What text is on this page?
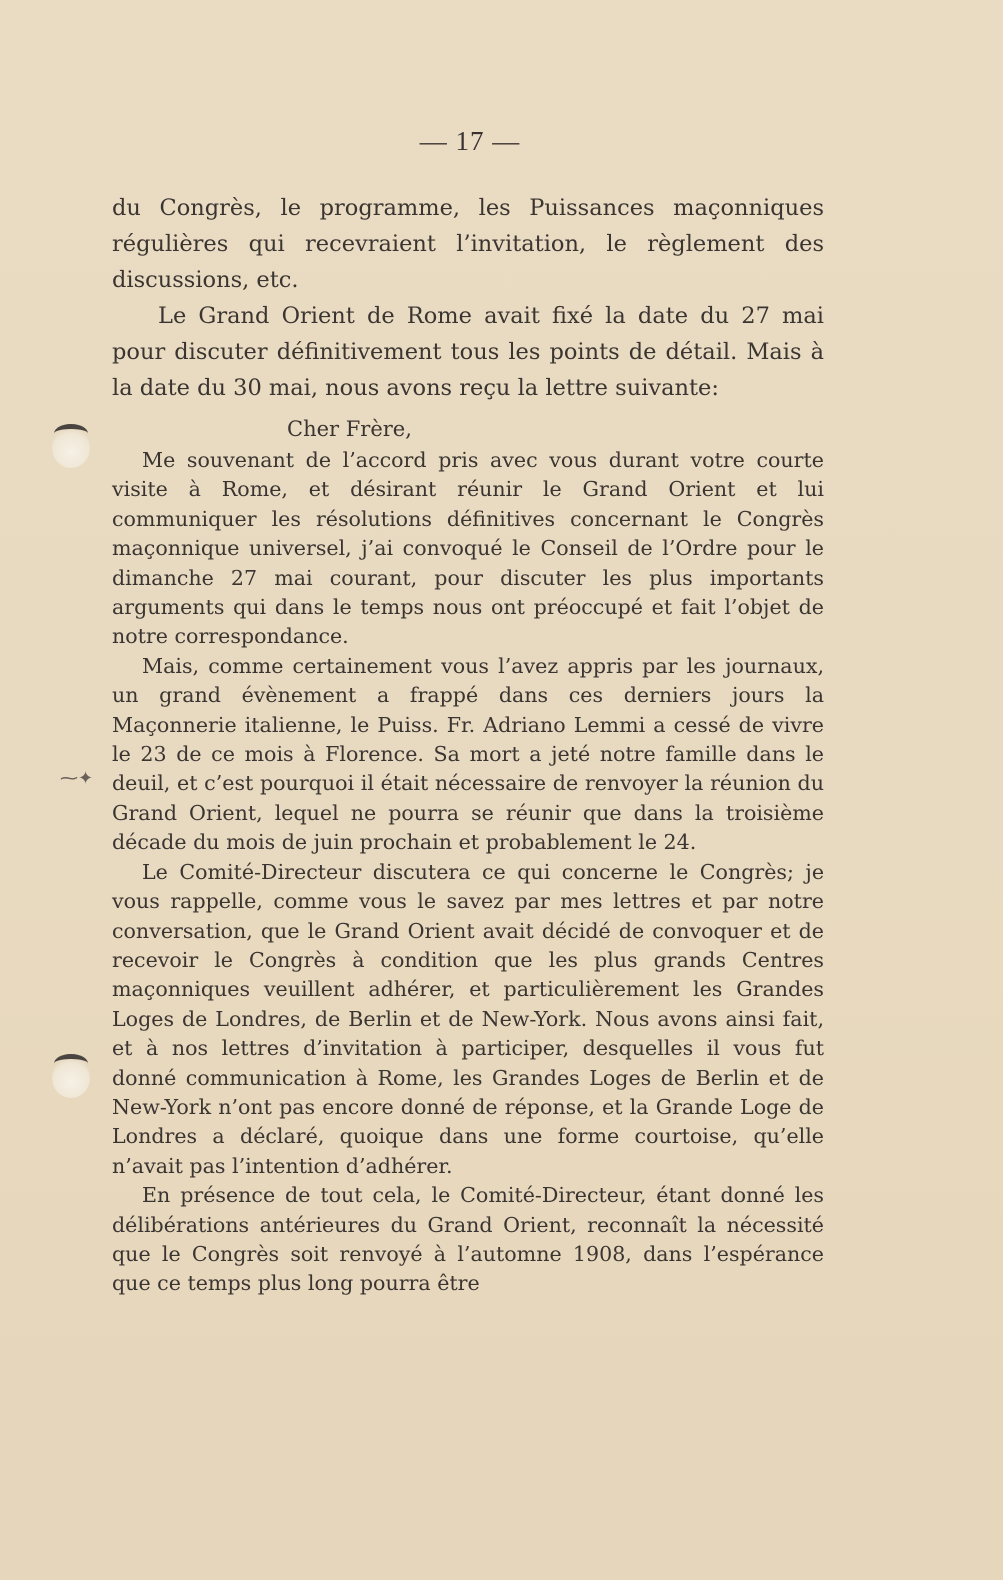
⁓✦
— 17 —

du Congrès, le programme, les Puissances maçonniques régulières qui recevraient l’invitation, le règlement des discussions, etc.

Le Grand Orient de Rome avait fixé la date du 27 mai pour discuter définitivement tous les points de détail. Mais à la date du 30 mai, nous avons reçu la lettre suivante:

Cher Frère,

Me souvenant de l’accord pris avec vous durant votre courte visite à Rome, et désirant réunir le Grand Orient et lui communiquer les résolutions définitives concernant le Congrès maçonnique universel, j’ai convoqué le Conseil de l’Ordre pour le dimanche 27 mai courant, pour discuter les plus importants arguments qui dans le temps nous ont préoccupé et fait l’objet de notre correspondance.

Mais, comme certainement vous l’avez appris par les journaux, un grand évènement a frappé dans ces derniers jours la Maçonnerie italienne, le Puiss. Fr. Adriano Lemmi a cessé de vivre le 23 de ce mois à Florence. Sa mort a jeté notre famille dans le deuil, et c’est pourquoi il était nécessaire de renvoyer la réunion du Grand Orient, lequel ne pourra se réunir que dans la troisième décade du mois de juin prochain et probablement le 24.

Le Comité-Directeur discutera ce qui concerne le Congrès; je vous rappelle, comme vous le savez par mes lettres et par notre conversation, que le Grand Orient avait décidé de convoquer et de recevoir le Congrès à condition que les plus grands Centres maçonniques veuillent adhérer, et particulièrement les Grandes Loges de Londres, de Berlin et de New-York. Nous avons ainsi fait, et à nos lettres d’invitation à participer, desquelles il vous fut donné communication à Rome, les Grandes Loges de Berlin et de New-York n’ont pas encore donné de réponse, et la Grande Loge de Londres a déclaré, quoique dans une forme courtoise, qu’elle n’avait pas l’intention d’adhérer.

En présence de tout cela, le Comité-Directeur, étant donné les délibérations antérieures du Grand Orient, reconnaît la nécessité que le Congrès soit renvoyé à l’automne 1908, dans l’espérance que ce temps plus long pourra être
